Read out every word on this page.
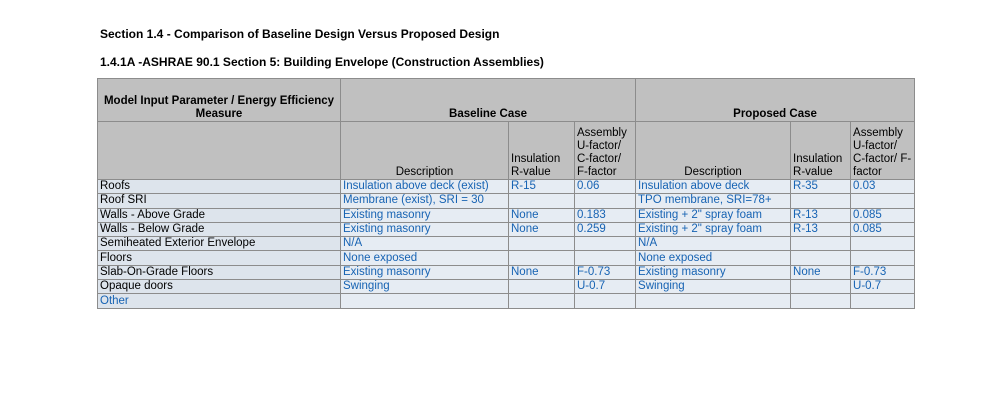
Section 1.4 - Comparison of Baseline Design Versus Proposed Design
1.4.1A -ASHRAE 90.1 Section 5: Building Envelope (Construction Assemblies)
Model Input Parameter / Energy Efficiency Measure	Baseline Case			Proposed Case		
	Description	Insulation R-value	Assembly U-factor/ C-factor/ F-factor	Description	Insulation R-value	Assembly U-factor/ C-factor/ F-factor
Roofs	Insulation above deck (exist)	R-15	0.06	Insulation above deck	R-35	0.03
Roof SRI	Membrane (exist), SRI = 30			TPO membrane, SRI=78+		
Walls - Above Grade	Existing masonry	None	0.183	Existing + 2" spray foam	R-13	0.085
Walls - Below Grade	Existing masonry	None	0.259	Existing + 2" spray foam	R-13	0.085
Semiheated Exterior Envelope	N/A			N/A		
Floors	None exposed			None exposed		
Slab-On-Grade Floors	Existing masonry	None	F-0.73	Existing masonry	None	F-0.73
Opaque doors	Swinging		U-0.7	Swinging		U-0.7
Other						
